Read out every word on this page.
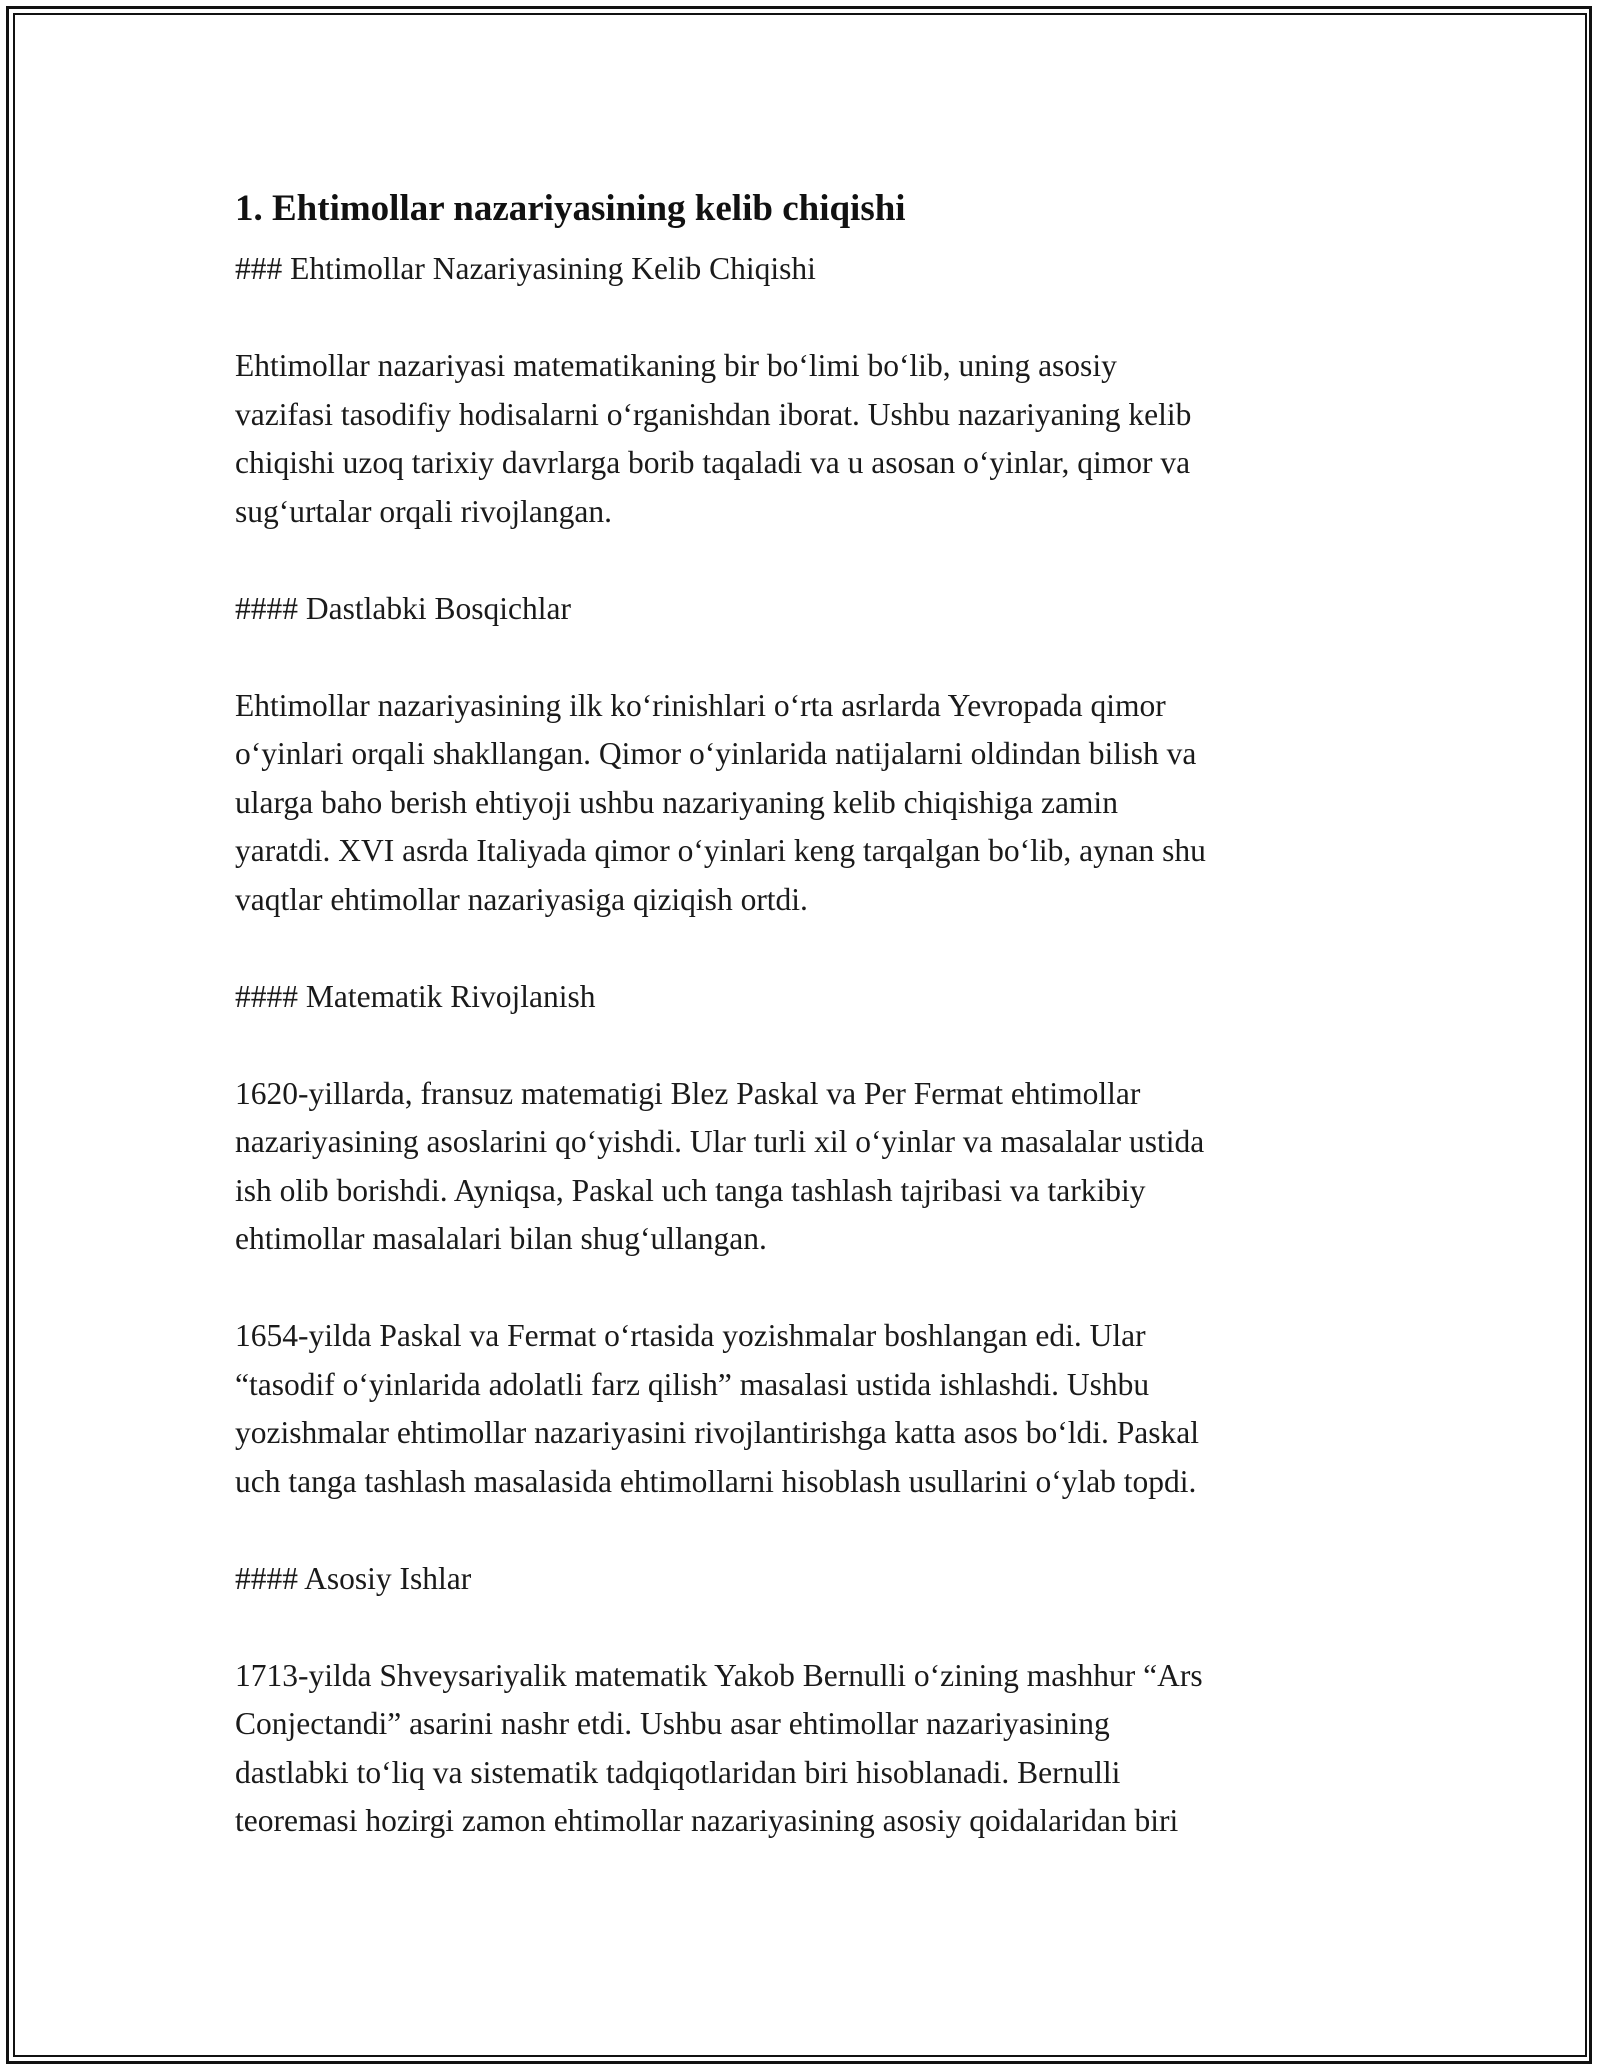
1. Ehtimollar nazariyasining kelib chiqishi

### Ehtimollar Nazariyasining Kelib Chiqishi

Ehtimollar nazariyasi matematikaning bir bo‘limi bo‘lib, uning asosiy
vazifasi tasodifiy hodisalarni o‘rganishdan iborat. Ushbu nazariyaning kelib
chiqishi uzoq tarixiy davrlarga borib taqaladi va u asosan o‘yinlar, qimor va
sug‘urtalar orqali rivojlangan.

#### Dastlabki Bosqichlar

Ehtimollar nazariyasining ilk ko‘rinishlari o‘rta asrlarda Yevropada qimor
o‘yinlari orqali shakllangan. Qimor o‘yinlarida natijalarni oldindan bilish va
ularga baho berish ehtiyoji ushbu nazariyaning kelib chiqishiga zamin
yaratdi. XVI asrda Italiyada qimor o‘yinlari keng tarqalgan bo‘lib, aynan shu
vaqtlar ehtimollar nazariyasiga qiziqish ortdi.

#### Matematik Rivojlanish

1620-yillarda, fransuz matematigi Blez Paskal va Per Fermat ehtimollar
nazariyasining asoslarini qo‘yishdi. Ular turli xil o‘yinlar va masalalar ustida
ish olib borishdi. Ayniqsa, Paskal uch tanga tashlash tajribasi va tarkibiy
ehtimollar masalalari bilan shug‘ullangan.

1654-yilda Paskal va Fermat o‘rtasida yozishmalar boshlangan edi. Ular
“tasodif o‘yinlarida adolatli farz qilish” masalasi ustida ishlashdi. Ushbu
yozishmalar ehtimollar nazariyasini rivojlantirishga katta asos bo‘ldi. Paskal
uch tanga tashlash masalasida ehtimollarni hisoblash usullarini o‘ylab topdi.

#### Asosiy Ishlar

1713-yilda Shveysariyalik matematik Yakob Bernulli o‘zining mashhur “Ars
Conjectandi” asarini nashr etdi. Ushbu asar ehtimollar nazariyasining
dastlabki to‘liq va sistematik tadqiqotlaridan biri hisoblanadi. Bernulli
teoremasi hozirgi zamon ehtimollar nazariyasining asosiy qoidalaridan biri
